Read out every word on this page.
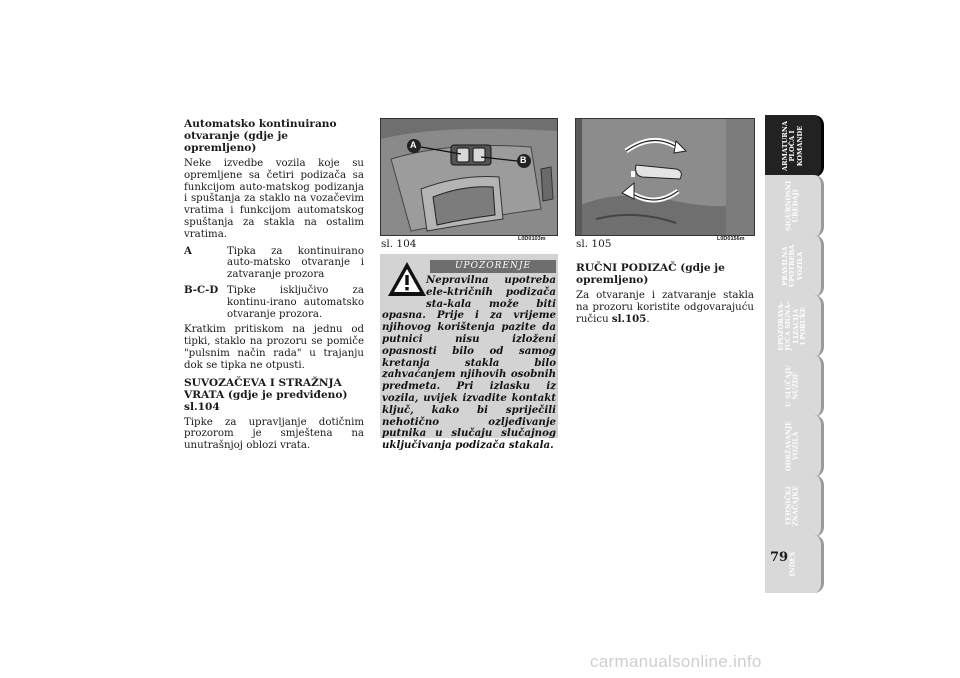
Automatsko kontinuirano otvaranje (gdje je opremljeno)

Neke izvedbe vozila koje su opremljene sa četiri podizača sa funkcijom auto-matskog podizanja i spuštanja za staklo na vozačevim vratima i funkcijom automatskog spuštanja za stakla na ostalim vratima.

A	Tipka za kontinuirano auto-matsko otvaranje i zatvaranje prozora
B-C-D Tipke isključivo za kontinu-irano automatsko otvaranje prozora.

Kratkim pritiskom na jednu od tipki, staklo na prozoru se pomiče "pulsnim način rada" u trajanju dok se tipka ne otpusti.

SUVOZAČEVA I STRAŽNJA VRATA (gdje je predviđeno) sl.104

Tipke za upravljanje dotičnim prozorom je smještena na unutrašnjoj oblozi vrata.

A
B
sl. 104	L0D0103m	sl. 105	L0D0156m
UPOZORENJE
Nepravilna upotreba ele-ktričnih podizača sta-kala može biti opasna. Prije i za vrijeme njihovog korištenja pazite da putnici nisu izloženi opasnosti bilo od samog kretanja stakla bilo zahvaćanjem njihovih osobnih predmeta. Pri izlasku iz vozila, uvijek izvadite kontakt ključ, kako bi spriječili nehotično ozljeđivanje putnika u slučaju slučajnog uključivanja podizača stakala.
RUČNI PODIZAČ (gdje je opremljeno)

Za otvaranje i zatvaranje stakla na prozoru koristite odgovarajuću ručicu sl.105.

ARMATURNA
PLOČA I
KOMANDE
SIGURNOSNI
UREĐAJI
PRAVILNA
UPOTREBA
VOZILA
UPOZORAVA-
JUĆA SIGNA-
LIZACIJA
I PORUKE
U SLUČAJU
NUŽDE
ODRŽAVANJE
VOZILA
TEHNIČKI
ZNAČAJKE
INDEX
79
carmanualsonline.info
